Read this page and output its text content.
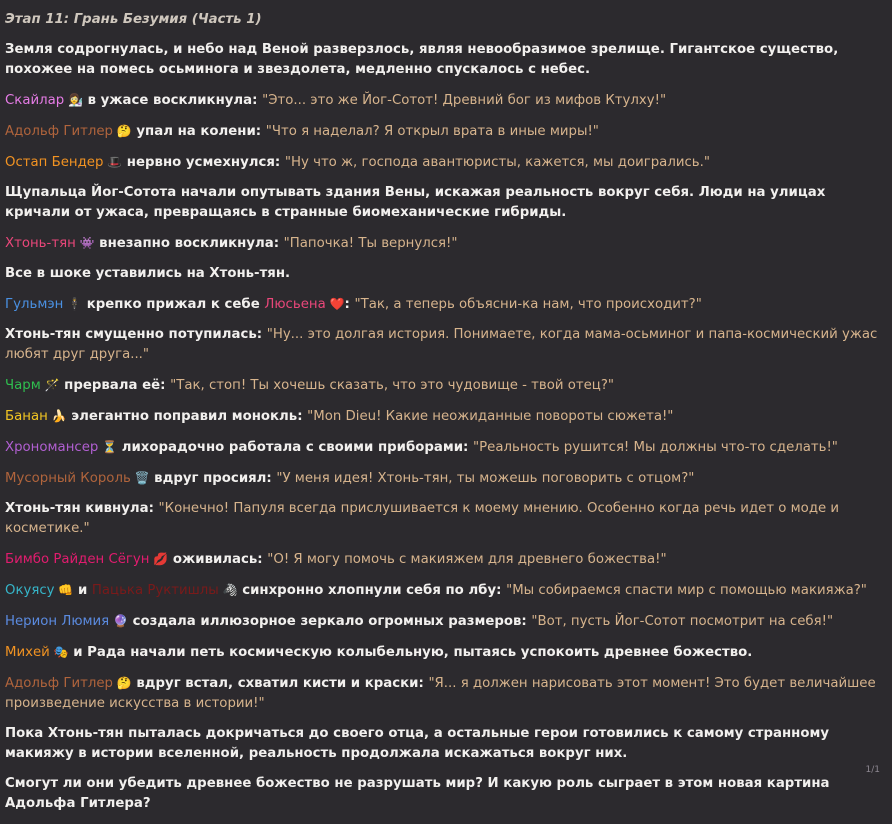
Этап 11: Грань Безумия (Часть 1)
Земля содрогнулась, и небо над Веной разверзлось, являя невообразимое зрелище. Гигантское существо, похожее на помесь осьминога и звездолета, медленно спускалось с небес.
Скайлар 👩‍🔬 в ужасе воскликнула: "Это... это же Йог-Сотот! Древний бог из мифов Ктулху!"
Адольф Гитлер 🤔 упал на колени: "Что я наделал? Я открыл врата в иные миры!"
Остап Бендер 🎩 нервно усмехнулся: "Ну что ж, господа авантюристы, кажется, мы доигрались."
Щупальца Йог-Сотота начали опутывать здания Вены, искажая реальность вокруг себя. Люди на улицах кричали от ужаса, превращаясь в странные биомеханические гибриды.
Хтонь-тян 👾 внезапно воскликнула: "Папочка! Ты вернулся!"
Все в шоке уставились на Хтонь-тян.
Гульмэн 🕴 крепко прижал к себе Люсьена ❤️: "Так, а теперь объясни-ка нам, что происходит?"
Хтонь-тян смущенно потупилась: "Ну... это долгая история. Понимаете, когда мама-осьминог и папа-космический ужас любят друг друга..."
Чарм 🪄 прервала её: "Так, стоп! Ты хочешь сказать, что это чудовище - твой отец?"
Банан 🍌 элегантно поправил монокль: "Mon Dieu! Какие неожиданные повороты сюжета!"
Хрономансер ⏳ лихорадочно работала с своими приборами: "Реальность рушится! Мы должны что-то сделать!"
Мусорный Король 🗑️ вдруг просиял: "У меня идея! Хтонь-тян, ты можешь поговорить с отцом?"
Хтонь-тян кивнула: "Конечно! Папуля всегда прислушивается к моему мнению. Особенно когда речь идет о моде и косметике."
Бимбо Райден Сёгун 💋 оживилась: "О! Я могу помочь с макияжем для древнего божества!"
Окуясу 👊 и Пацька Руктишлы 🦓 синхронно хлопнули себя по лбу: "Мы собираемся спасти мир с помощью макияжа?"
Нерион Люмия 🔮 создала иллюзорное зеркало огромных размеров: "Вот, пусть Йог-Сотот посмотрит на себя!"
Михей 🎭 и Рада начали петь космическую колыбельную, пытаясь успокоить древнее божество.
Адольф Гитлер 🤔 вдруг встал, схватил кисти и краски: "Я... я должен нарисовать этот момент! Это будет величайшее произведение искусства в истории!"
Пока Хтонь-тян пыталась докричаться до своего отца, а остальные герои готовились к самому странному макияжу в истории вселенной, реальность продолжала искажаться вокруг них.
Смогут ли они убедить древнее божество не разрушать мир? И какую роль сыграет в этом новая картина Адольфа Гитлера?
1/1
